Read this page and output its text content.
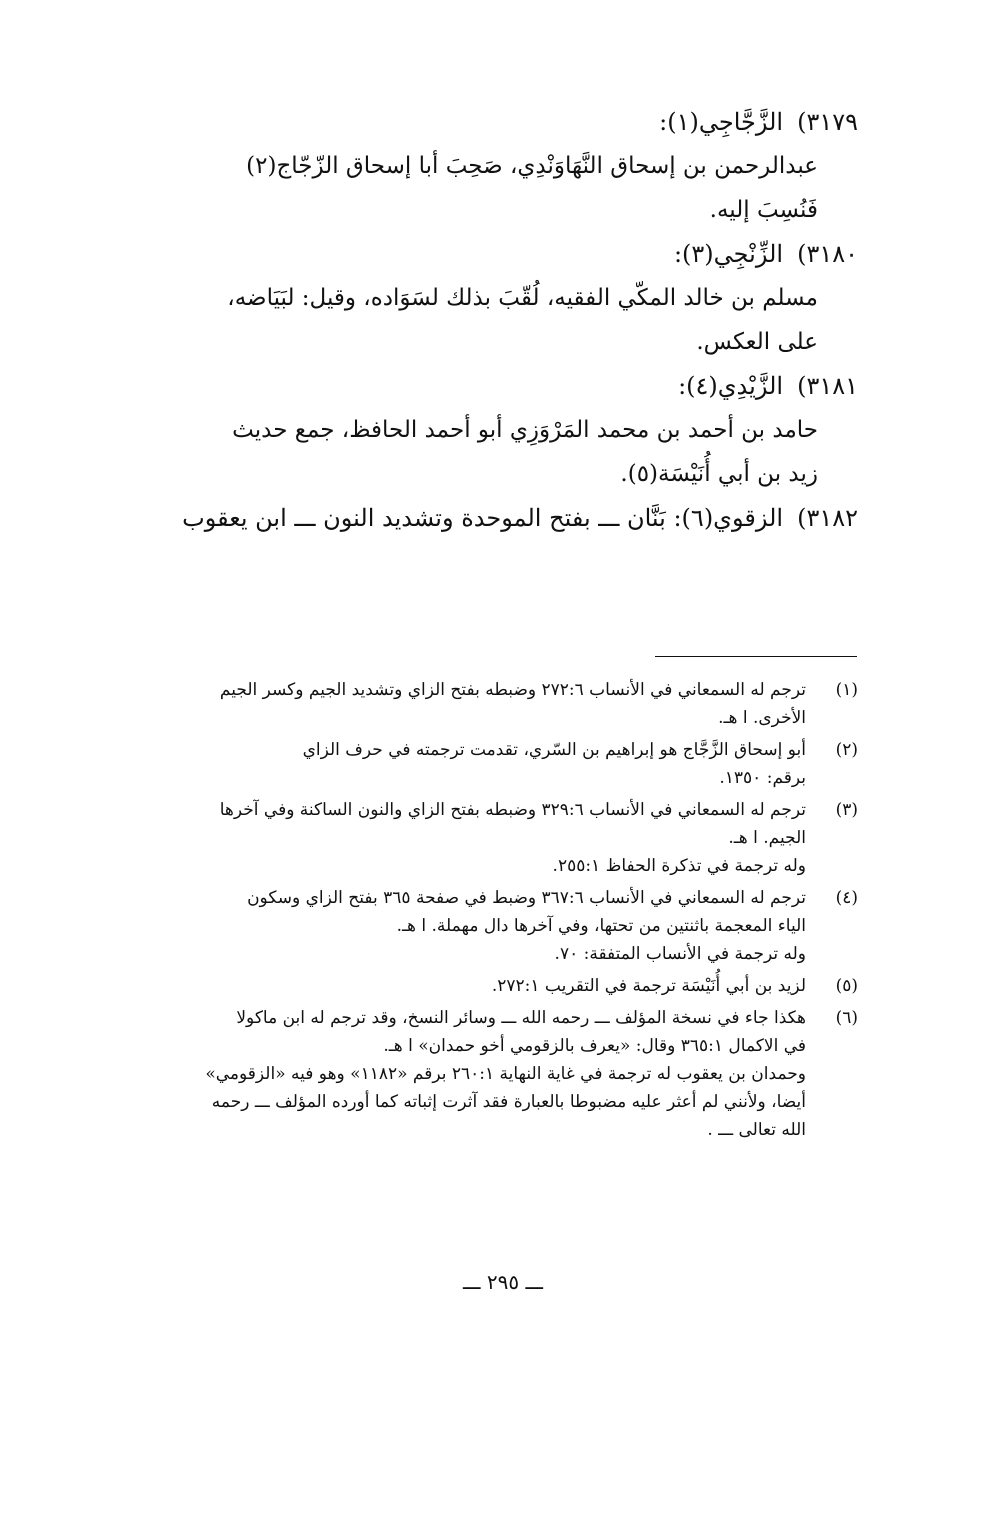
٣١٧٩)الزَّجَّاجِي(١):
عبدالرحمن بن إسحاق النَّهَاوَنْدِي، صَحِبَ أبا إسحاق الزّجّاج(٢)
فَنُسِبَ إليه.
٣١٨٠)الزِّنْجِي(٣):
مسلم بن خالد المكّي الفقيه، لُقّبَ بذلك لسَوَاده، وقيل: لبَيَاضه،
على العكس.
٣١٨١)الزَّيْدِي(٤):
حامد بن أحمد بن محمد المَرْوَزِي أبو أحمد الحافظ، جمع حديث
زيد بن أبي أُنَيْسَة(٥).
٣١٨٢)الزقوي(٦): بَنَّان ـــ بفتح الموحدة وتشديد النون ـــ ابن يعقوب
(١)
ترجم له السمعاني في الأنساب ٢٧٢:٦ وضبطه بفتح الزاي وتشديد الجيم وكسر الجيم
الأخرى. ا هـ.
(٢)
أبو إسحاق الزَّجَّاج هو إبراهيم بن السّري، تقدمت ترجمته في حرف الزاي
برقم: ١٣٥٠.
(٣)
ترجم له السمعاني في الأنساب ٣٢٩:٦ وضبطه بفتح الزاي والنون الساكنة وفي آخرها
الجيم. ا هـ.
وله ترجمة في تذكرة الحفاظ ٢٥٥:١.
(٤)
ترجم له السمعاني في الأنساب ٣٦٧:٦ وضبط في صفحة ٣٦٥ بفتح الزاي وسكون
الياء المعجمة باثنتين من تحتها، وفي آخرها دال مهملة. ا هـ.
وله ترجمة في الأنساب المتفقة: ٧٠.
(٥)
لزيد بن أبي أُنَيْسَة ترجمة في التقريب ٢٧٢:١.
(٦)
هكذا جاء في نسخة المؤلف ـــ رحمه الله ـــ وسائر النسخ، وقد ترجم له ابن ماكولا
في الاكمال ٣٦٥:١ وقال: «يعرف بالزقومي أخو حمدان» ا هـ.
وحمدان بن يعقوب له ترجمة في غاية النهاية ٢٦٠:١ برقم «١١٨٢» وهو فيه «الزقومي»
أيضا، ولأنني لم أعثر عليه مضبوطا بالعبارة فقد آثرت إثباته كما أورده المؤلف ـــ رحمه
الله تعالى ـــ .
ـــ ٢٩٥ ـــ
